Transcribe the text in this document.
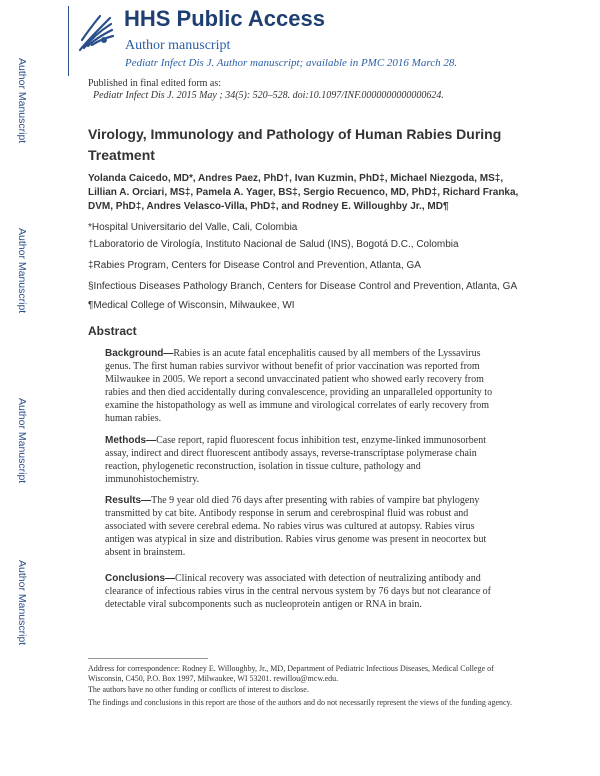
Author Manuscript
Author Manuscript
Author Manuscript
Author Manuscript
HHS Public Access
Author manuscript
Pediatr Infect Dis J. Author manuscript; available in PMC 2016 March 28.
Published in final edited form as:
Pediatr Infect Dis J. 2015 May ; 34(5): 520–528. doi:10.1097/INF.0000000000000624.
Virology, Immunology and Pathology of Human Rabies During Treatment
Yolanda Caicedo, MD*, Andres Paez, PhD†, Ivan Kuzmin, PhD‡, Michael Niezgoda, MS‡, Lillian A. Orciari, MS‡, Pamela A. Yager, BS‡, Sergio Recuenco, MD, PhD‡, Richard Franka, DVM, PhD‡, Andres Velasco-Villa, PhD‡, and Rodney E. Willoughby Jr., MD¶
*Hospital Universitario del Valle, Cali, Colombia
†Laboratorio de Virología, Instituto Nacional de Salud (INS), Bogotá D.C., Colombia
‡Rabies Program, Centers for Disease Control and Prevention, Atlanta, GA
§Infectious Diseases Pathology Branch, Centers for Disease Control and Prevention, Atlanta, GA
¶Medical College of Wisconsin, Milwaukee, WI
Abstract
Background—Rabies is an acute fatal encephalitis caused by all members of the Lyssavirus genus. The first human rabies survivor without benefit of prior vaccination was reported from Milwaukee in 2005. We report a second unvaccinated patient who showed early recovery from rabies and then died accidentally during convalescence, providing an unparalleled opportunity to examine the histopathology as well as immune and virological correlates of early recovery from human rabies.
Methods—Case report, rapid fluorescent focus inhibition test, enzyme-linked immunosorbent assay, indirect and direct fluorescent antibody assays, reverse-transcriptase polymerase chain reaction, phylogenetic reconstruction, isolation in tissue culture, pathology and immunohistochemistry.
Results—The 9 year old died 76 days after presenting with rabies of vampire bat phylogeny transmitted by cat bite. Antibody response in serum and cerebrospinal fluid was robust and associated with severe cerebral edema. No rabies virus was cultured at autopsy. Rabies virus antigen was atypical in size and distribution. Rabies virus genome was present in neocortex but absent in brainstem.
Conclusions—Clinical recovery was associated with detection of neutralizing antibody and clearance of infectious rabies virus in the central nervous system by 76 days but not clearance of detectable viral subcomponents such as nucleoprotein antigen or RNA in brain.
Address for correspondence: Rodney E. Willoughby, Jr., MD, Department of Pediatric Infectious Diseases, Medical College of Wisconsin, C450, P.O. Box 1997, Milwaukee, WI 53201. rewillou@mcw.edu.
The authors have no other funding or conflicts of interest to disclose.
The findings and conclusions in this report are those of the authors and do not necessarily represent the views of the funding agency.
